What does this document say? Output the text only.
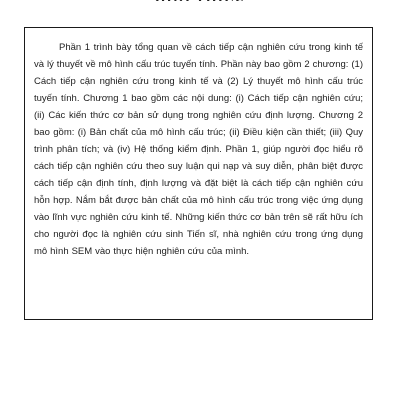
Phần 1 trình bày tổng quan về cách tiếp cận nghiên cứu trong kinh tế và lý thuyết về mô hình cấu trúc tuyến tính. Phần này bao gồm 2 chương: (1) Cách tiếp cận nghiên cứu trong kinh tế và (2) Lý thuyết mô hình cấu trúc tuyến tính. Chương 1 bao gồm các nội dung: (i) Cách tiếp cận nghiên cứu; (ii) Các kiến thức cơ bản sử dụng trong nghiên cứu định lượng. Chương 2 bao gồm: (i) Bản chất của mô hình cấu trúc; (ii) Điều kiện cần thiết; (iii) Quy trình phân tích; và (iv) Hệ thống kiểm định. Phần 1, giúp người đọc hiểu rõ cách tiếp cận nghiên cứu theo suy luận qui nạp và suy diễn, phân biệt được cách tiếp cận định tính, định lượng và đặt biệt là cách tiếp cận nghiên cứu hỗn hợp. Nắm bắt được bản chất của mô hình cấu trúc trong việc ứng dụng vào lĩnh vực nghiên cứu kinh tế. Những kiến thức cơ bản trên sẽ rất hữu ích cho người đọc là nghiên cứu sinh Tiến sĩ, nhà nghiên cứu trong ứng dụng mô hình SEM vào thực hiện nghiên cứu của mình.
